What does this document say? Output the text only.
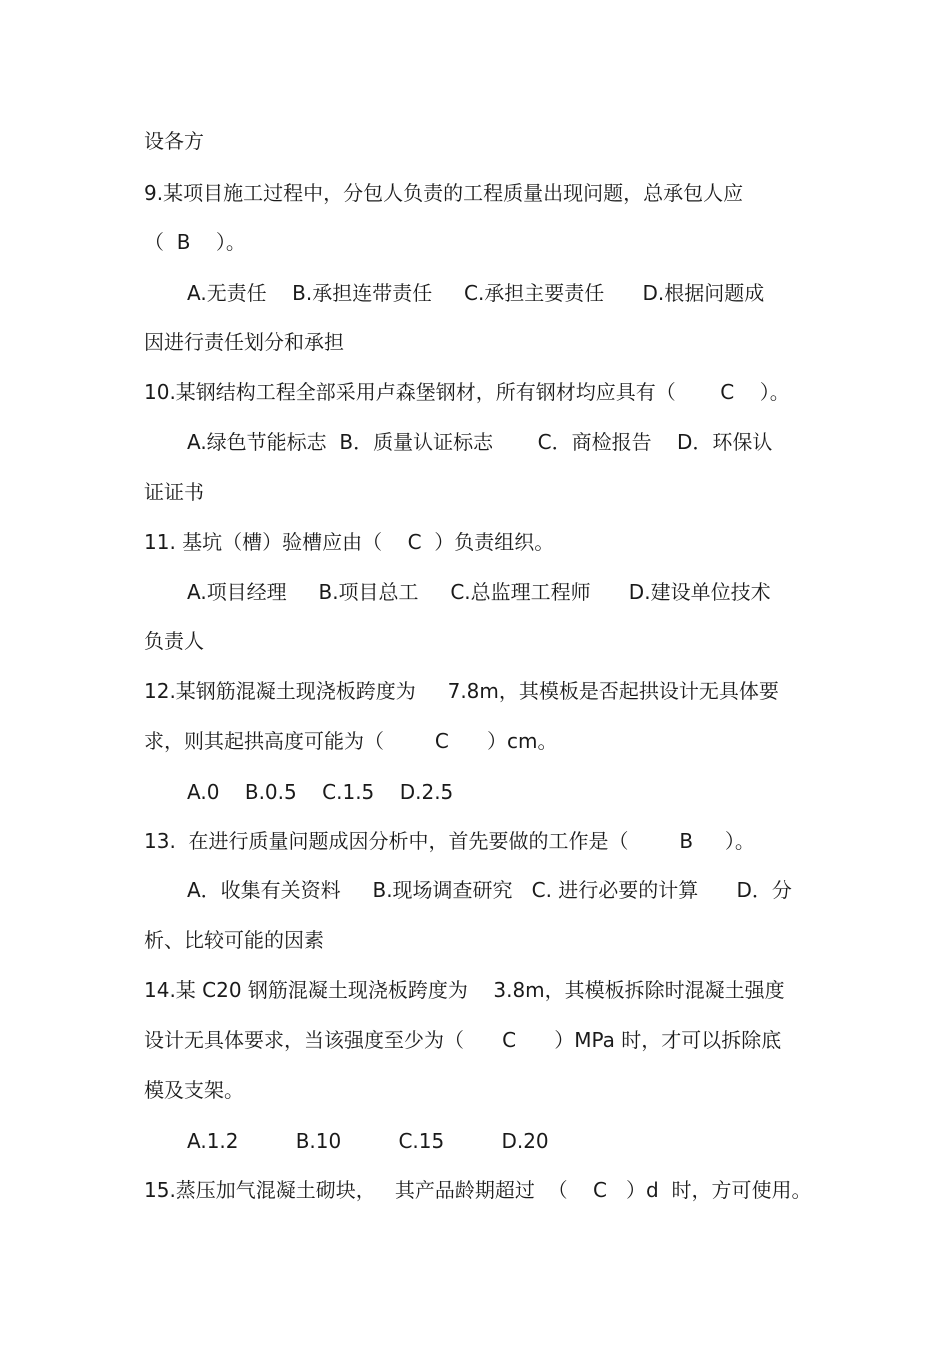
设各方
9.某项目施工过程中，分包人负责的工程质量出现问题，总承包人应
（  B    ）。
A.无责任    B.承担连带责任     C.承担主要责任      D.根据问题成
因进行责任划分和承担
10.某钢结构工程全部采用卢森堡钢材，所有钢材均应具有（       C    ）。
A.绿色节能标志  B．质量认证标志       C．商检报告    D．环保认
证证书
11. 基坑（槽）验槽应由（    C  ）负责组织。
A.项目经理     B.项目总工     C.总监理工程师      D.建设单位技术
负责人
12.某钢筋混凝土现浇板跨度为     7.8m，其模板是否起拱设计无具体要
求，则其起拱高度可能为（        C      ）cm。
A.0    B.0.5    C.1.5    D.2.5
13.  在进行质量问题成因分析中，首先要做的工作是（        B     ）。
A．收集有关资料     B.现场调查研究   C. 进行必要的计算      D．分
析、比较可能的因素
14.某 C20 钢筋混凝土现浇板跨度为    3.8m，其模板拆除时混凝土强度
设计无具体要求，当该强度至少为（      C      ）MPa 时，才可以拆除底
模及支架。
A.1.2         B.10         C.15         D.20
15.蒸压加气混凝土砌块，   其产品龄期超过  （    C   ）d  时，方可使用。
